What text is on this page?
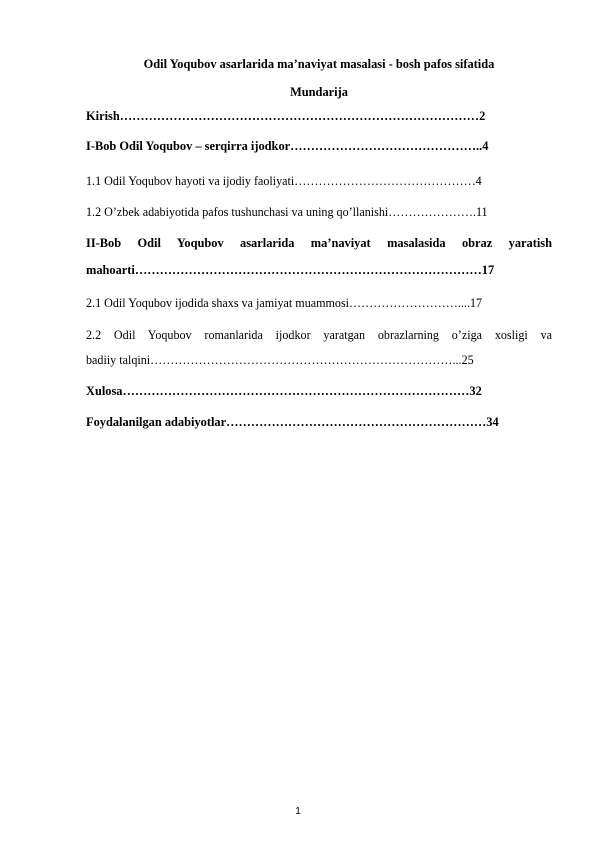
Odil Yoqubov asarlarida ma’naviyat masalasi - bosh pafos sifatida
Mundarija
Kirish……………………………………………………………………………2
I-Bob Odil Yoqubov – serqirra ijodkor………………………………………..4
1.1 Odil Yoqubov hayoti va ijodiy faoliyati………………………………………4
1.2 O’zbek adabiyotida pafos tushunchasi va uning qo’llanishi………………….11
II-Bob Odil Yoqubov asarlarida ma’naviyat masalasida obraz yaratish
mahoarti…………………………………………………………………………17
2.1 Odil Yoqubov ijodida shaxs va jamiyat muammosi………………………....17
2.2 Odil Yoqubov romanlarida ijodkor yaratgan obrazlarning o’ziga xosligi va
badiiy talqini…………………………………………………………………...25
Xulosa…………………………………………………………………………32
Foydalanilgan adabiyotlar………………………………………………………34
1
